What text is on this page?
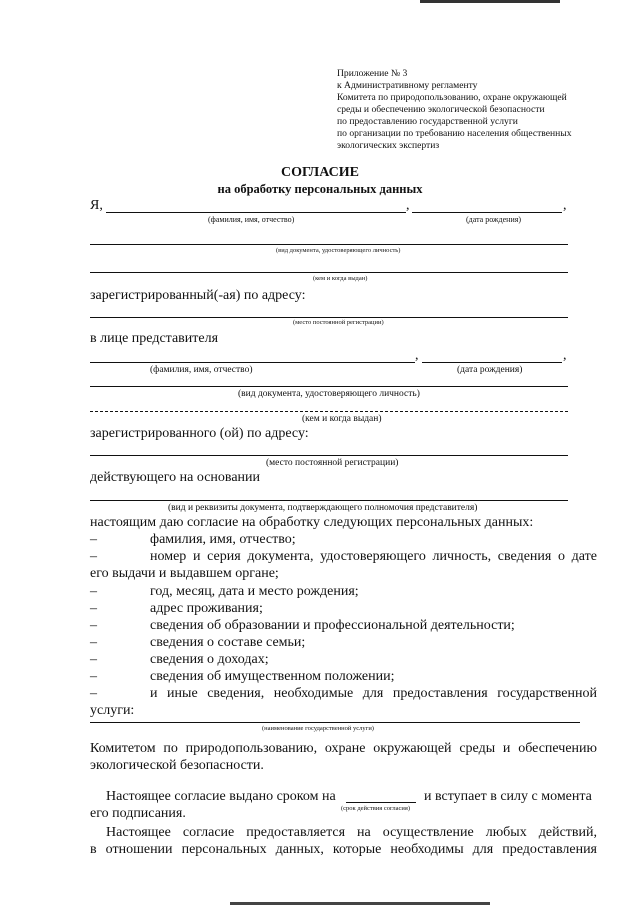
Приложение № 3
к Административному регламенту
Комитета по природопользованию, охране окружающей
среды и обеспечению экологической безопасности
по предоставлению государственной услуги
по организации по требованию населения общественных
экологических экспертиз
СОГЛАСИЕ
на обработку персональных данных
Я,	,	,
(фамилия, имя, отчество)	(дата рождения)
(вид документа, удостоверяющего личность)
(кем и когда выдан)
зарегистрированный(-ая) по адресу:
(место постоянной регистрации)
в лице представителя
,	,
(фамилия, имя, отчество)	(дата рождения)
(вид документа, удостоверяющего личность)
(кем и когда выдан)
зарегистрированного (ой) по адресу:
(место постоянной регистрации)
действующего на основании
(вид и реквизиты документа, подтверждающего полномочия представителя)
настоящим даю согласие на обработку следующих персональных данных:
–	фамилия, имя, отчество;
–	номер и серия документа, удостоверяющего личность, сведения о дате
его выдачи и выдавшем органе;
–	год, месяц, дата и место рождения;
–	адрес проживания;
–	сведения об образовании и профессиональной деятельности;
–	сведения о составе семьи;
–	сведения о доходах;
–	сведения об имущественном положении;
–	и иные сведения, необходимые для предоставления государственной
услуги:
(наименование государственной услуги)
Комитетом по природопользованию, охране окружающей среды и обеспечению
экологической безопасности.
Настоящее согласие выдано сроком на	и вступает в силу с момента
(срок действия согласия)
его подписания.
Настоящее согласие предоставляется на осуществление любых действий,
в отношении персональных данных, которые необходимы для предоставления
